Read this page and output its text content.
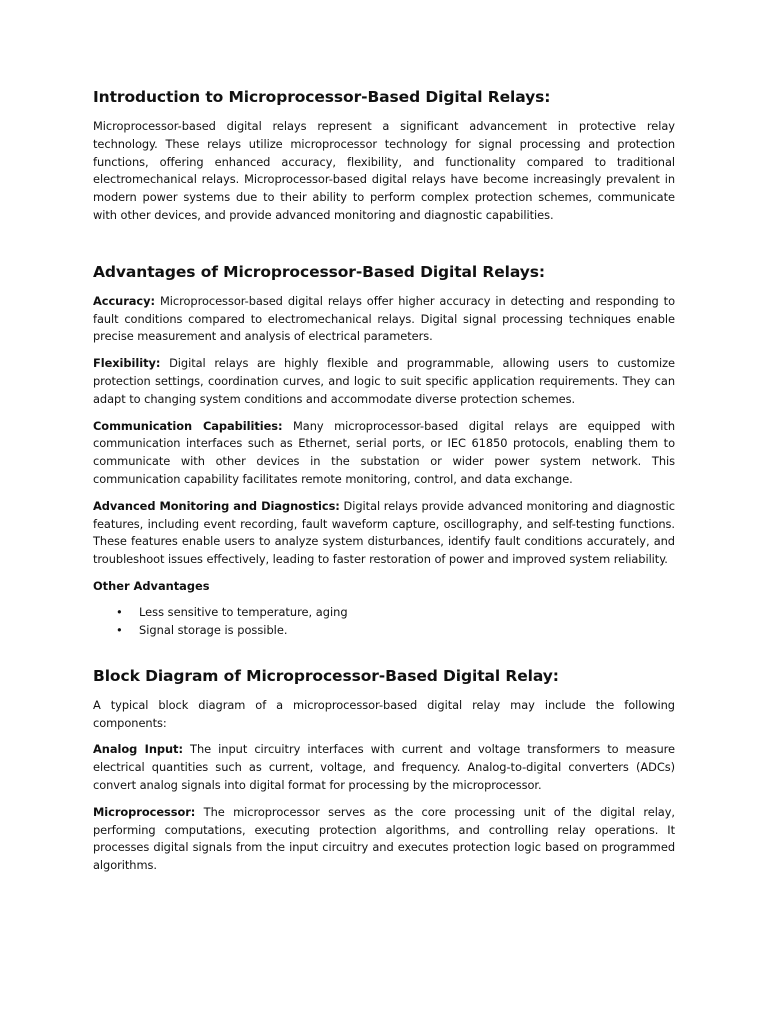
Introduction to Microprocessor-Based Digital Relays:

Microprocessor-based digital relays represent a significant advancement in protective relay technology. These relays utilize microprocessor technology for signal processing and protection functions, offering enhanced accuracy, flexibility, and functionality compared to traditional electromechanical relays. Microprocessor-based digital relays have become increasingly prevalent in modern power systems due to their ability to perform complex protection schemes, communicate with other devices, and provide advanced monitoring and diagnostic capabilities.

Advantages of Microprocessor-Based Digital Relays:

Accuracy: Microprocessor-based digital relays offer higher accuracy in detecting and responding to fault conditions compared to electromechanical relays. Digital signal processing techniques enable precise measurement and analysis of electrical parameters.

Flexibility: Digital relays are highly flexible and programmable, allowing users to customize protection settings, coordination curves, and logic to suit specific application requirements. They can adapt to changing system conditions and accommodate diverse protection schemes.

Communication Capabilities: Many microprocessor-based digital relays are equipped with communication interfaces such as Ethernet, serial ports, or IEC 61850 protocols, enabling them to communicate with other devices in the substation or wider power system network. This communication capability facilitates remote monitoring, control, and data exchange.

Advanced Monitoring and Diagnostics: Digital relays provide advanced monitoring and diagnostic features, including event recording, fault waveform capture, oscillography, and self-testing functions. These features enable users to analyze system disturbances, identify fault conditions accurately, and troubleshoot issues effectively, leading to faster restoration of power and improved system reliability.

Other Advantages
• Less sensitive to temperature, aging
• Signal storage is possible.
Block Diagram of Microprocessor-Based Digital Relay:

A typical block diagram of a microprocessor-based digital relay may include the following components:

Analog Input: The input circuitry interfaces with current and voltage transformers to measure electrical quantities such as current, voltage, and frequency. Analog-to-digital converters (ADCs) convert analog signals into digital format for processing by the microprocessor.

Microprocessor: The microprocessor serves as the core processing unit of the digital relay, performing computations, executing protection algorithms, and controlling relay operations. It processes digital signals from the input circuitry and executes protection logic based on programmed algorithms.
